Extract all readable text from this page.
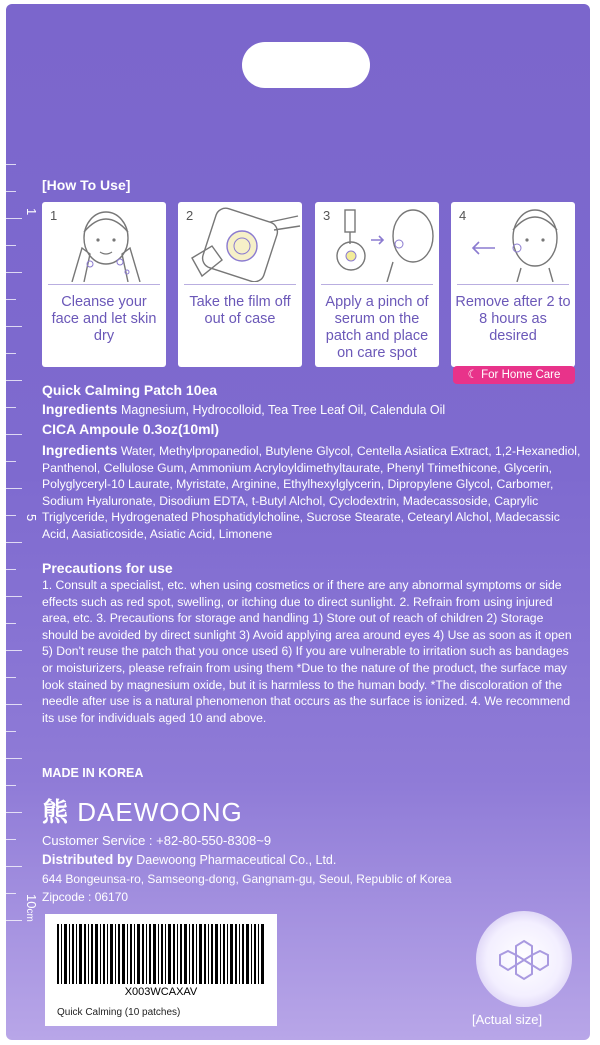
1
5
10cm
[How To Use]
1
Cleanse your face and let skin dry
2
Take the film off out of case
3
Apply a pinch of serum on the patch and place on care spot
4
Remove after 2 to 8 hours as desired
☾ For Home Care
Quick Calming Patch 10ea
Ingredients Magnesium, Hydrocolloid, Tea Tree Leaf Oil, Calendula Oil
CICA Ampoule 0.3oz(10ml)
Ingredients Water, Methylpropanediol, Butylene Glycol, Centella Asiatica Extract, 1,2-Hexanediol, Panthenol, Cellulose Gum, Ammonium Acryloyldimethyltaurate, Phenyl Trimethicone, Glycerin, Polyglyceryl-10 Laurate, Myristate, Arginine, Ethylhexylglycerin, Dipropylene Glycol, Carbomer, Sodium Hyaluronate, Disodium EDTA, t-Butyl Alchol, Cyclodextrin, Madecassoside, Caprylic Triglyceride, Hydrogenated Phosphatidylcholine, Sucrose Stearate, Cetearyl Alchol, Madecassic Acid, Aasiaticoside, Asiatic Acid, Limonene
Precautions for use
1. Consult a specialist, etc. when using cosmetics or if there are any abnormal symptoms or side effects such as red spot, swelling, or itching due to direct sunlight. 2. Refrain from using injured area, etc. 3. Precautions for storage and handling 1) Store out of reach of children 2) Storage should be avoided by direct sunlight 3) Avoid applying area around eyes 4) Use as soon as it open 5) Don't reuse the patch that you once used 6) If you are vulnerable to irritation such as bandages or moisturizers, please refrain from using them *Due to the nature of the product, the surface may look stained by magnesium oxide, but it is harmless to the human body. *The discoloration of the needle after use is a natural phenomenon that occurs as the surface is ionized. 4. We recommend its use for individuals aged 10 and above.
MADE IN KOREA
熊 DAEWOONG
Customer Service : +82-80-550-8308~9
Distributed by Daewoong Pharmaceutical Co., Ltd.
644 Bongeunsa-ro, Samseong-dong, Gangnam-gu, Seoul, Republic of Korea
Zipcode : 06170
X003WCAXAV
Quick Calming (10 patches)	[Actual size]
